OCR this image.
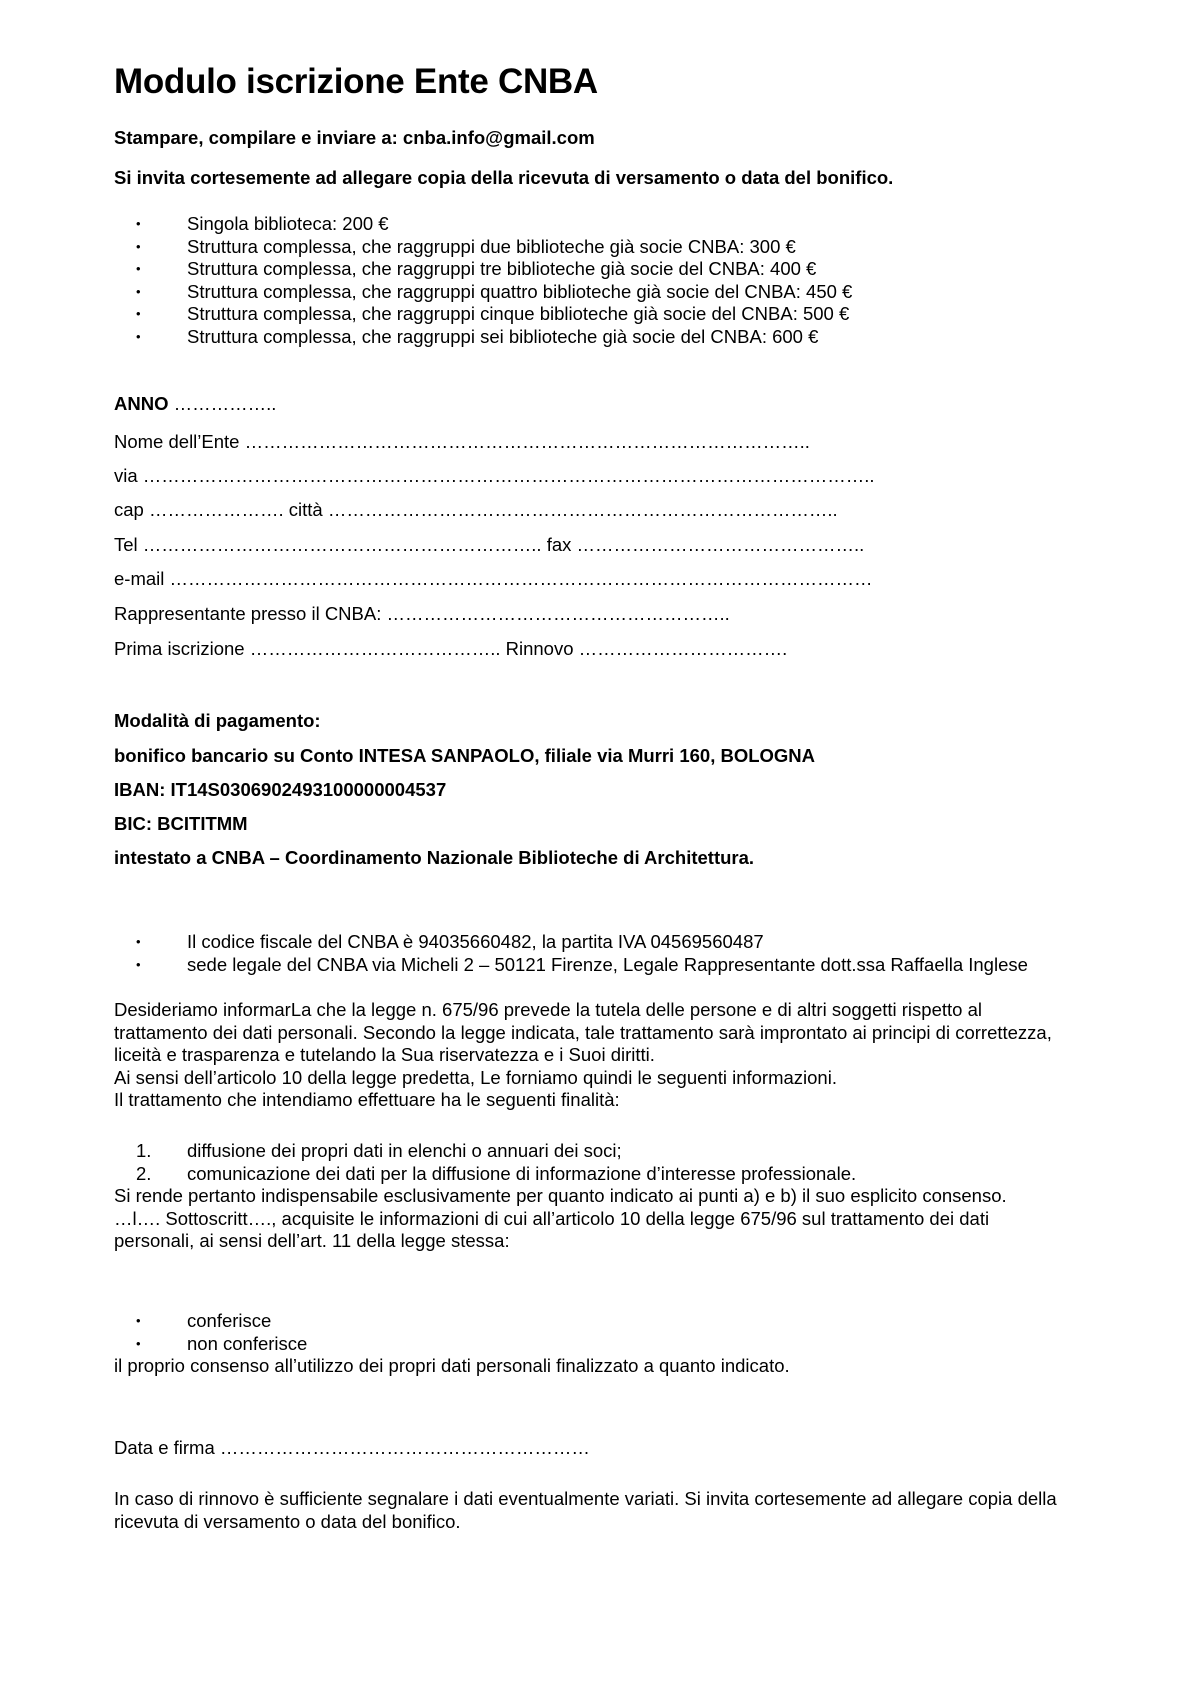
Modulo iscrizione Ente CNBA

Stampare, compilare e inviare a: cnba.info@gmail.com

Si invita cortesemente ad allegare copia della ricevuta di versamento o data del bonifico.

•	Singola biblioteca: 200 €
•	Struttura complessa, che raggruppi due biblioteche già socie CNBA: 300 €
•	Struttura complessa, che raggruppi tre biblioteche già socie del CNBA: 400 €
•	Struttura complessa, che raggruppi quattro biblioteche già socie del CNBA: 450 €
•	Struttura complessa, che raggruppi cinque biblioteche già socie del CNBA: 500 €
•	Struttura complessa, che raggruppi sei biblioteche già socie del CNBA: 600 €

ANNO ……………..

Nome dell’Ente ………………………………………………………………………………..

via ………………………………………………………………………………………………………..

cap …………………. città ………………………………………………………………………..

Tel ……………………………………………………….. fax ………………………………………..

e-mail ……………………………………………………………………………………………………

Rappresentante presso il CNBA: ………………………………………………..

Prima iscrizione ………………………………….. Rinnovo …………………………….

Modalità di pagamento:

bonifico bancario su Conto INTESA SANPAOLO, filiale via Murri 160, BOLOGNA

IBAN: IT14S0306902493100000004537

BIC: BCITITMM

intestato a CNBA – Coordinamento Nazionale Biblioteche di Architettura.

•	Il codice fiscale del CNBA è 94035660482, la partita IVA 04569560487
•	sede legale del CNBA via Micheli 2 – 50121 Firenze, Legale Rappresentante dott.ssa Raffaella Inglese
Desideriamo informarLa che la legge n. 675/96 prevede la tutela delle persone e di altri soggetti rispetto al trattamento dei dati personali. Secondo la legge indicata, tale trattamento sarà improntato ai principi di correttezza, liceità e trasparenza e tutelando la Sua riservatezza e i Suoi diritti.
Ai sensi dell’articolo 10 della legge predetta, Le forniamo quindi le seguenti informazioni.
Il trattamento che intendiamo effettuare ha le seguenti finalità:
1. diffusione dei propri dati in elenchi o annuari dei soci;
2. comunicazione dei dati per la diffusione di informazione d’interesse professionale.
Si rende pertanto indispensabile esclusivamente per quanto indicato ai punti a) e b) il suo esplicito consenso.
…l…. Sottoscritt…., acquisite le informazioni di cui all’articolo 10 della legge 675/96 sul trattamento dei dati personali, ai sensi dell’art. 11 della legge stessa:
•	conferisce
•	non conferisce
il proprio consenso all’utilizzo dei propri dati personali finalizzato a quanto indicato.

Data e firma ……………………………………………………

In caso di rinnovo è sufficiente segnalare i dati eventualmente variati. Si invita cortesemente ad allegare copia della ricevuta di versamento o data del bonifico.
